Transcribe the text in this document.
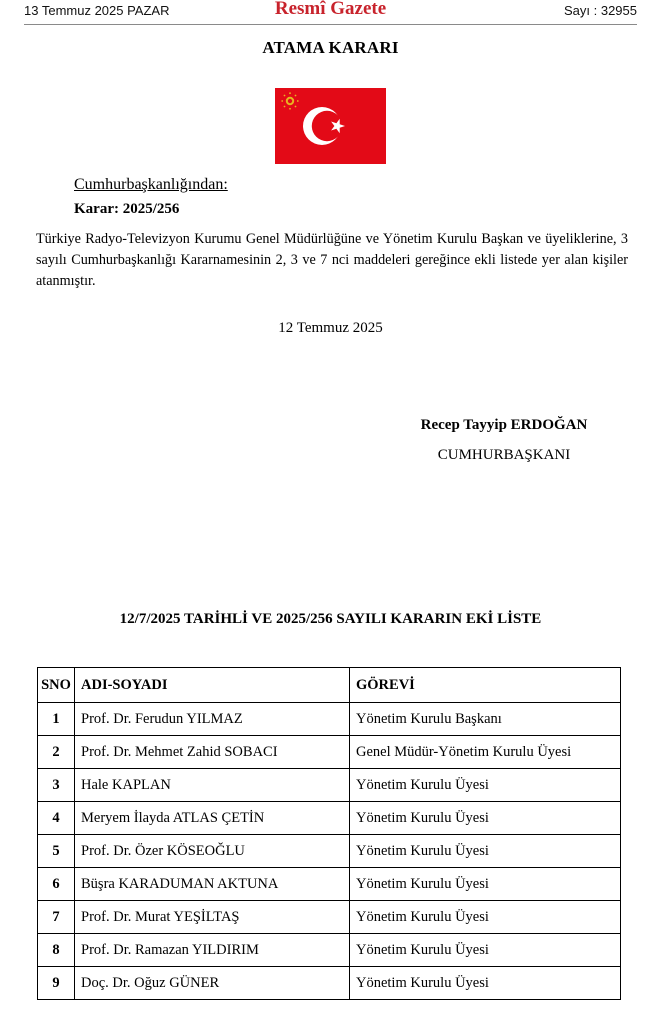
13 Temmuz 2025 PAZAR	Resmî Gazete	Sayı : 32955
ATAMA KARARI
Cumhurbaşkanlığından:
Karar: 2025/256
Türkiye Radyo-Televizyon Kurumu Genel Müdürlüğüne ve Yönetim Kurulu Başkan ve üyeliklerine, 3 sayılı Cumhurbaşkanlığı Kararnamesinin 2, 3 ve 7 nci maddeleri gereğince ekli listede yer alan kişiler atanmıştır.
12 Temmuz 2025
Recep Tayyip ERDOĞAN
CUMHURBAŞKANI
12/7/2025 TARİHLİ VE 2025/256 SAYILI KARARIN EKİ LİSTE
SNO	ADI-SOYADI	GÖREVİ
1	Prof. Dr. Ferudun YILMAZ	Yönetim Kurulu Başkanı
2	Prof. Dr. Mehmet Zahid SOBACI	Genel Müdür-Yönetim Kurulu Üyesi
3	Hale KAPLAN	Yönetim Kurulu Üyesi
4	Meryem İlayda ATLAS ÇETİN	Yönetim Kurulu Üyesi
5	Prof. Dr. Özer KÖSEOĞLU	Yönetim Kurulu Üyesi
6	Büşra KARADUMAN AKTUNA	Yönetim Kurulu Üyesi
7	Prof. Dr. Murat YEŞİLTAŞ	Yönetim Kurulu Üyesi
8	Prof. Dr. Ramazan YILDIRIM	Yönetim Kurulu Üyesi
9	Doç. Dr. Oğuz GÜNER	Yönetim Kurulu Üyesi
